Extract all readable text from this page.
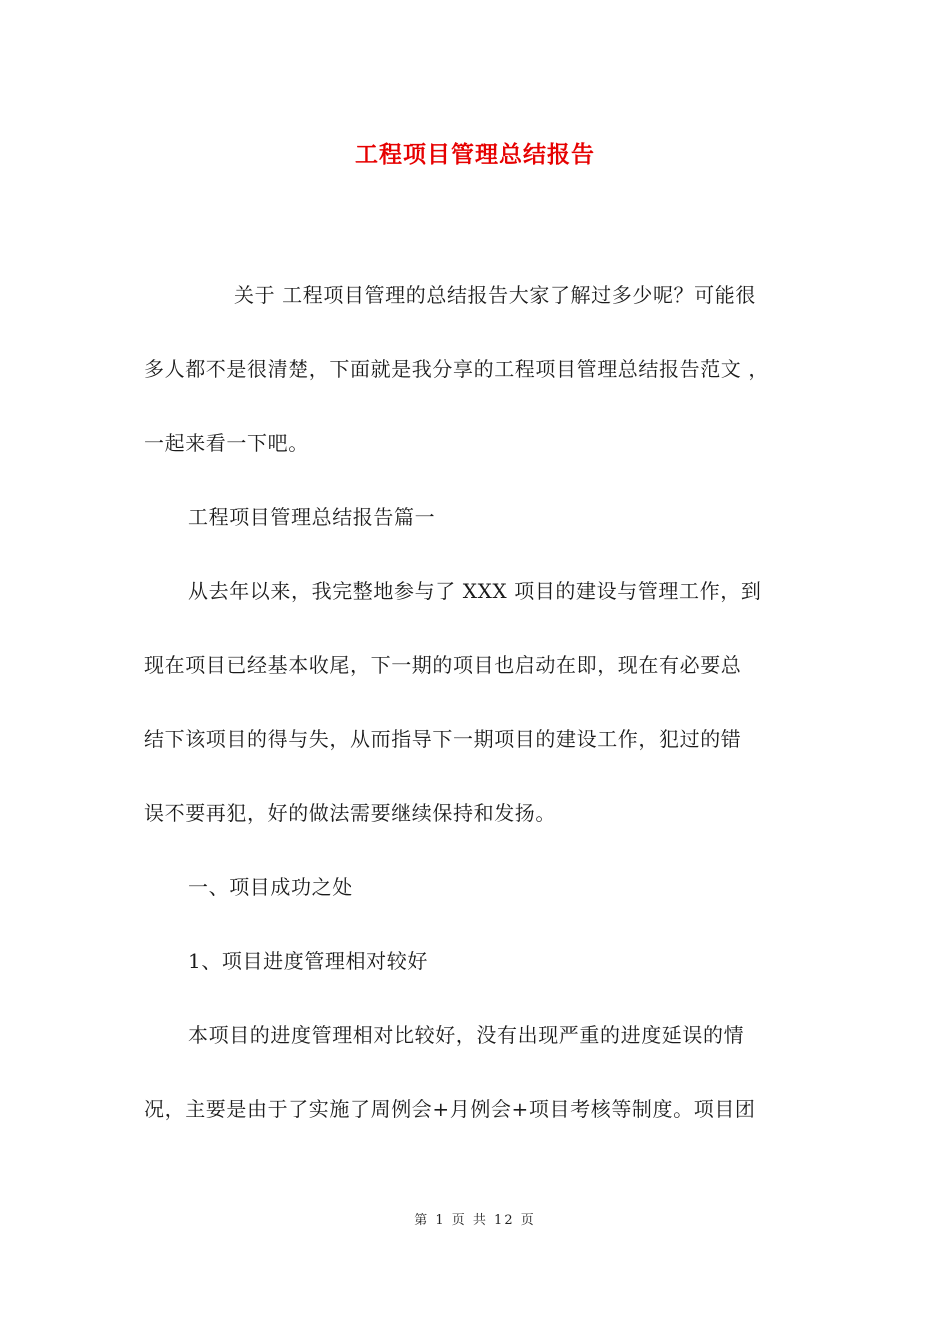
工程项目管理总结报告
关于 工程项目管理的总结报告大家了解过多少呢？可能很
多人都不是很清楚，下面就是我分享的工程项目管理总结报告范文 ，
一起来看一下吧。
工程项目管理总结报告篇一
从去年以来，我完整地参与了 XXX 项目的建设与管理工作，到
现在项目已经基本收尾，下一期的项目也启动在即，现在有必要总
结下该项目的得与失，从而指导下一期项目的建设工作，犯过的错
误不要再犯，好的做法需要继续保持和发扬。
一、项目成功之处
1、项目进度管理相对较好
本项目的进度管理相对比较好，没有出现严重的进度延误的情
况，主要是由于了实施了周例会+月例会+项目考核等制度。项目团
第 1 页 共 12 页
